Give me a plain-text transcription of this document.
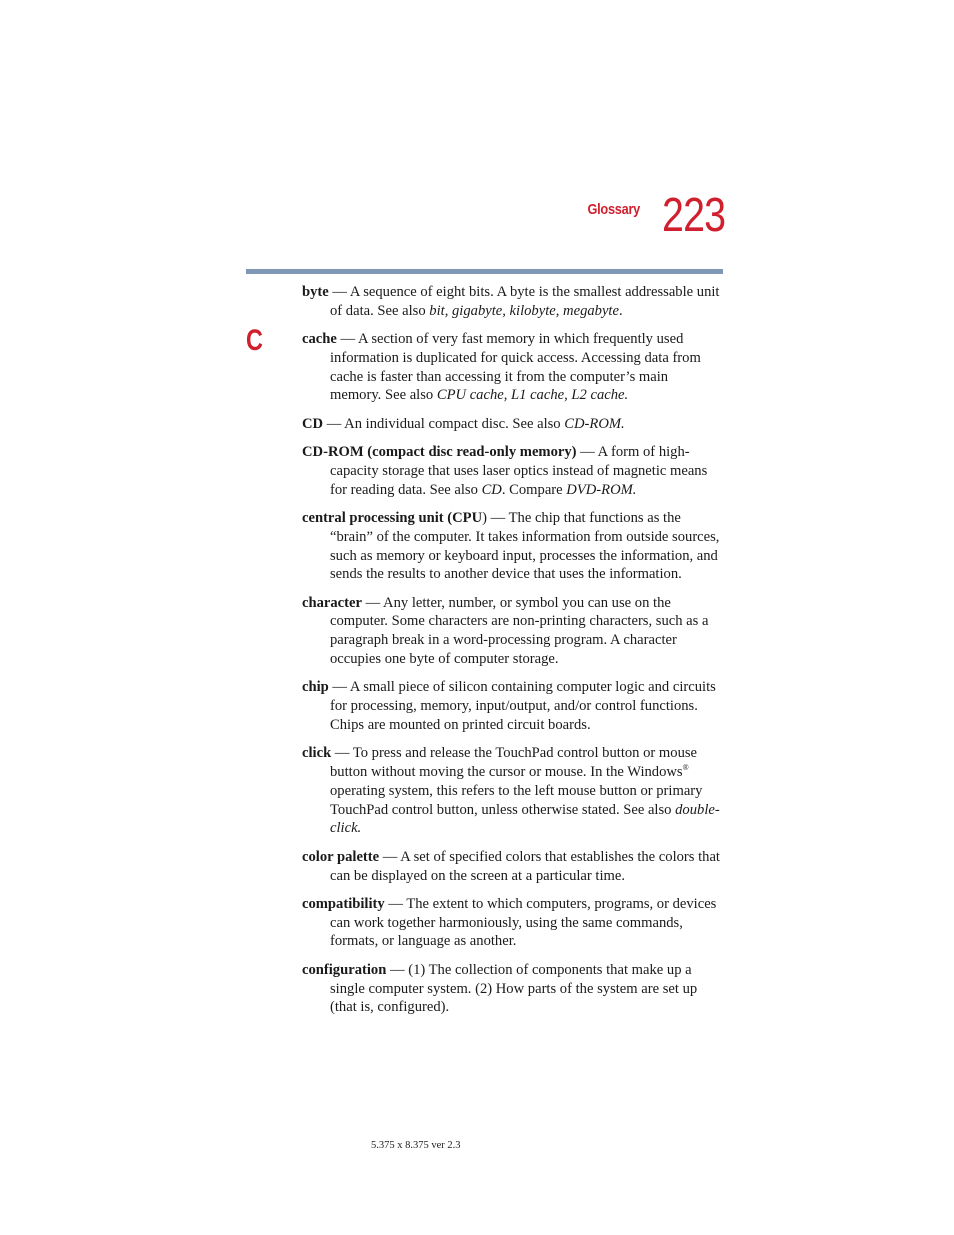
Glossary 223
C

byte — A sequence of eight bits. A byte is the smallest addressable unit of data. See also bit, gigabyte, kilobyte, megabyte.

cache — A section of very fast memory in which frequently used information is duplicated for quick access. Accessing data from cache is faster than accessing it from the computer’s main memory. See also CPU cache, L1 cache, L2 cache.

CD — An individual compact disc. See also CD-ROM.

CD-ROM (compact disc read-only memory) — A form of high-capacity storage that uses laser optics instead of magnetic means for reading data. See also CD. Compare DVD-ROM.

central processing unit (CPU) — The chip that functions as the “brain” of the computer. It takes information from outside sources, such as memory or keyboard input, processes the information, and sends the results to another device that uses the information.

character — Any letter, number, or symbol you can use on the computer. Some characters are non-printing characters, such as a paragraph break in a word-processing program. A character occupies one byte of computer storage.

chip — A small piece of silicon containing computer logic and circuits for processing, memory, input/output, and/or control functions. Chips are mounted on printed circuit boards.

click — To press and release the TouchPad control button or mouse button without moving the cursor or mouse. In the Windows® operating system, this refers to the left mouse button or primary TouchPad control button, unless otherwise stated. See also double-click.

color palette — A set of specified colors that establishes the colors that can be displayed on the screen at a particular time.

compatibility — The extent to which computers, programs, or devices can work together harmoniously, using the same commands, formats, or language as another.

configuration — (1) The collection of components that make up a single computer system. (2) How parts of the system are set up (that is, configured).

5.375 x 8.375 ver 2.3
